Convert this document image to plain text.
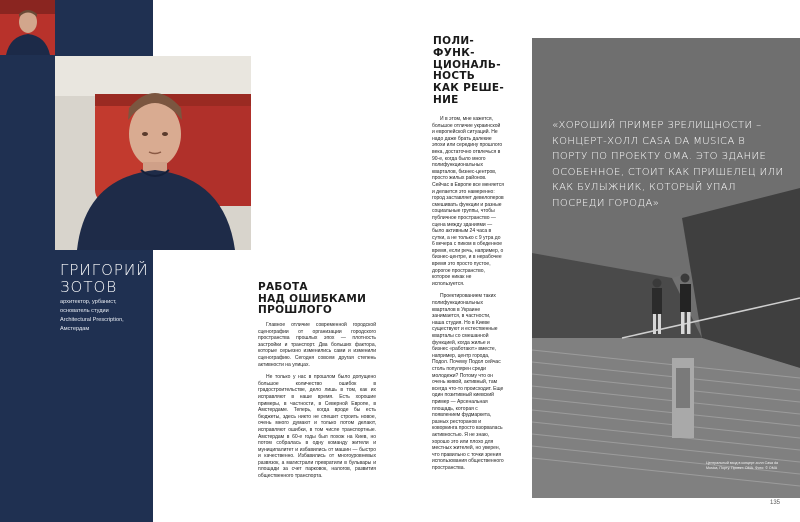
ГРИГОРИЙ
ЗОТОВ
архитектор, урбанист,
основатель студии
Architectural Prescription,
Амстердам
РАБОТА
НАД ОШИБКАМИ
ПРОШЛОГО

Главное отличие современной городской сценографии от организации городского пространства прошлых эпох — плотность застройки и транспорт. Два больших фактора, которые серьезно изменились сами и изменили сценографию. Сегодня совсем другая степень активности на улицах.

Не только у нас в прошлом было допущено большое количество ошибок в градостроительстве, дело лишь в том, как их исправляют в наше время. Есть хорошие примеры, в частности, в Северной Европе, в Амстердаме. Теперь, когда вроде бы есть бюджеты, здесь никто не спешит строить новое, очень много думают и только потом делают, исправляют ошибки, в том числе транспортные. Амстердам в 60-е годы был похож на Киев, но потом собралась в одну команду жители и муниципалитет и избавились от машин — быстро и качественно. Избавились от многоуровневых развязок, а магистрали превратили в бульвары и площади за счет парковок, налогов, развития общественного транспорта.

ПОЛИ-
ФУНК-
ЦИОНАЛЬ-
НОСТЬ
КАК РЕШЕ-
НИЕ

И в этом, мне кажется, большое отличие украинской и европейской ситуаций. Не надо даже брать далекие эпохи или середину прошлого века, достаточно отвлечься в 90-е, когда было много полифункциональных кварталов, бизнес-центров, просто жилых районов. Сейчас в Европе все меняется и делается это намеренно: город заставляет девелоперов смешивать функции и разные социальные группы, чтобы публичное пространство — сцена между зданиями — было активным 24 часа в сутки, а не только с 9 утра до 6 вечера с пиком в обеденное время, если речь, например, о бизнес-центре, и в нерабочее время это просто пустое, дорогое пространство, которое никак не используется.

Проектированием таких полифункциональных кварталов в Украине занимается, в частности, наша студия. Но в Киеве существуют и естественные кварталы со смешанной функцией, когда жилье и бизнес «работают» вместе, например, центр города, Подол. Почему Подол сейчас столь популярен среди молодежи? Потому что он очень живой, активный, там всегда что-то происходит. Еще один позитивный киевский пример — Арсенальная площадь, которая с появлением фудмаркета, разных ресторанов и коворкинга просто взорвалась активностью. Я не знаю, хорошо это или плохо для местных жителей, но уверен, что правильно с точки зрения использования общественного пространства.

«ХОРОШИЙ ПРИМЕР ЗРЕЛИЩНОСТИ – КОНЦЕРТ-ХОЛЛ CASA DA MUSICA В ПОРТУ ПО ПРОЕКТУ ОМА. ЭТО ЗДАНИЕ ОСОБЕННОЕ, СТОИТ КАК ПРИШЕЛЕЦ ИЛИ КАК БУЛЫЖНИК, КОТОРЫЙ УПАЛ ПОСРЕДИ ГОРОДА»
Центральный вход в концерт-холл Casa da Musica, Порту. Проект: OMA. Фото: © OMA
135
